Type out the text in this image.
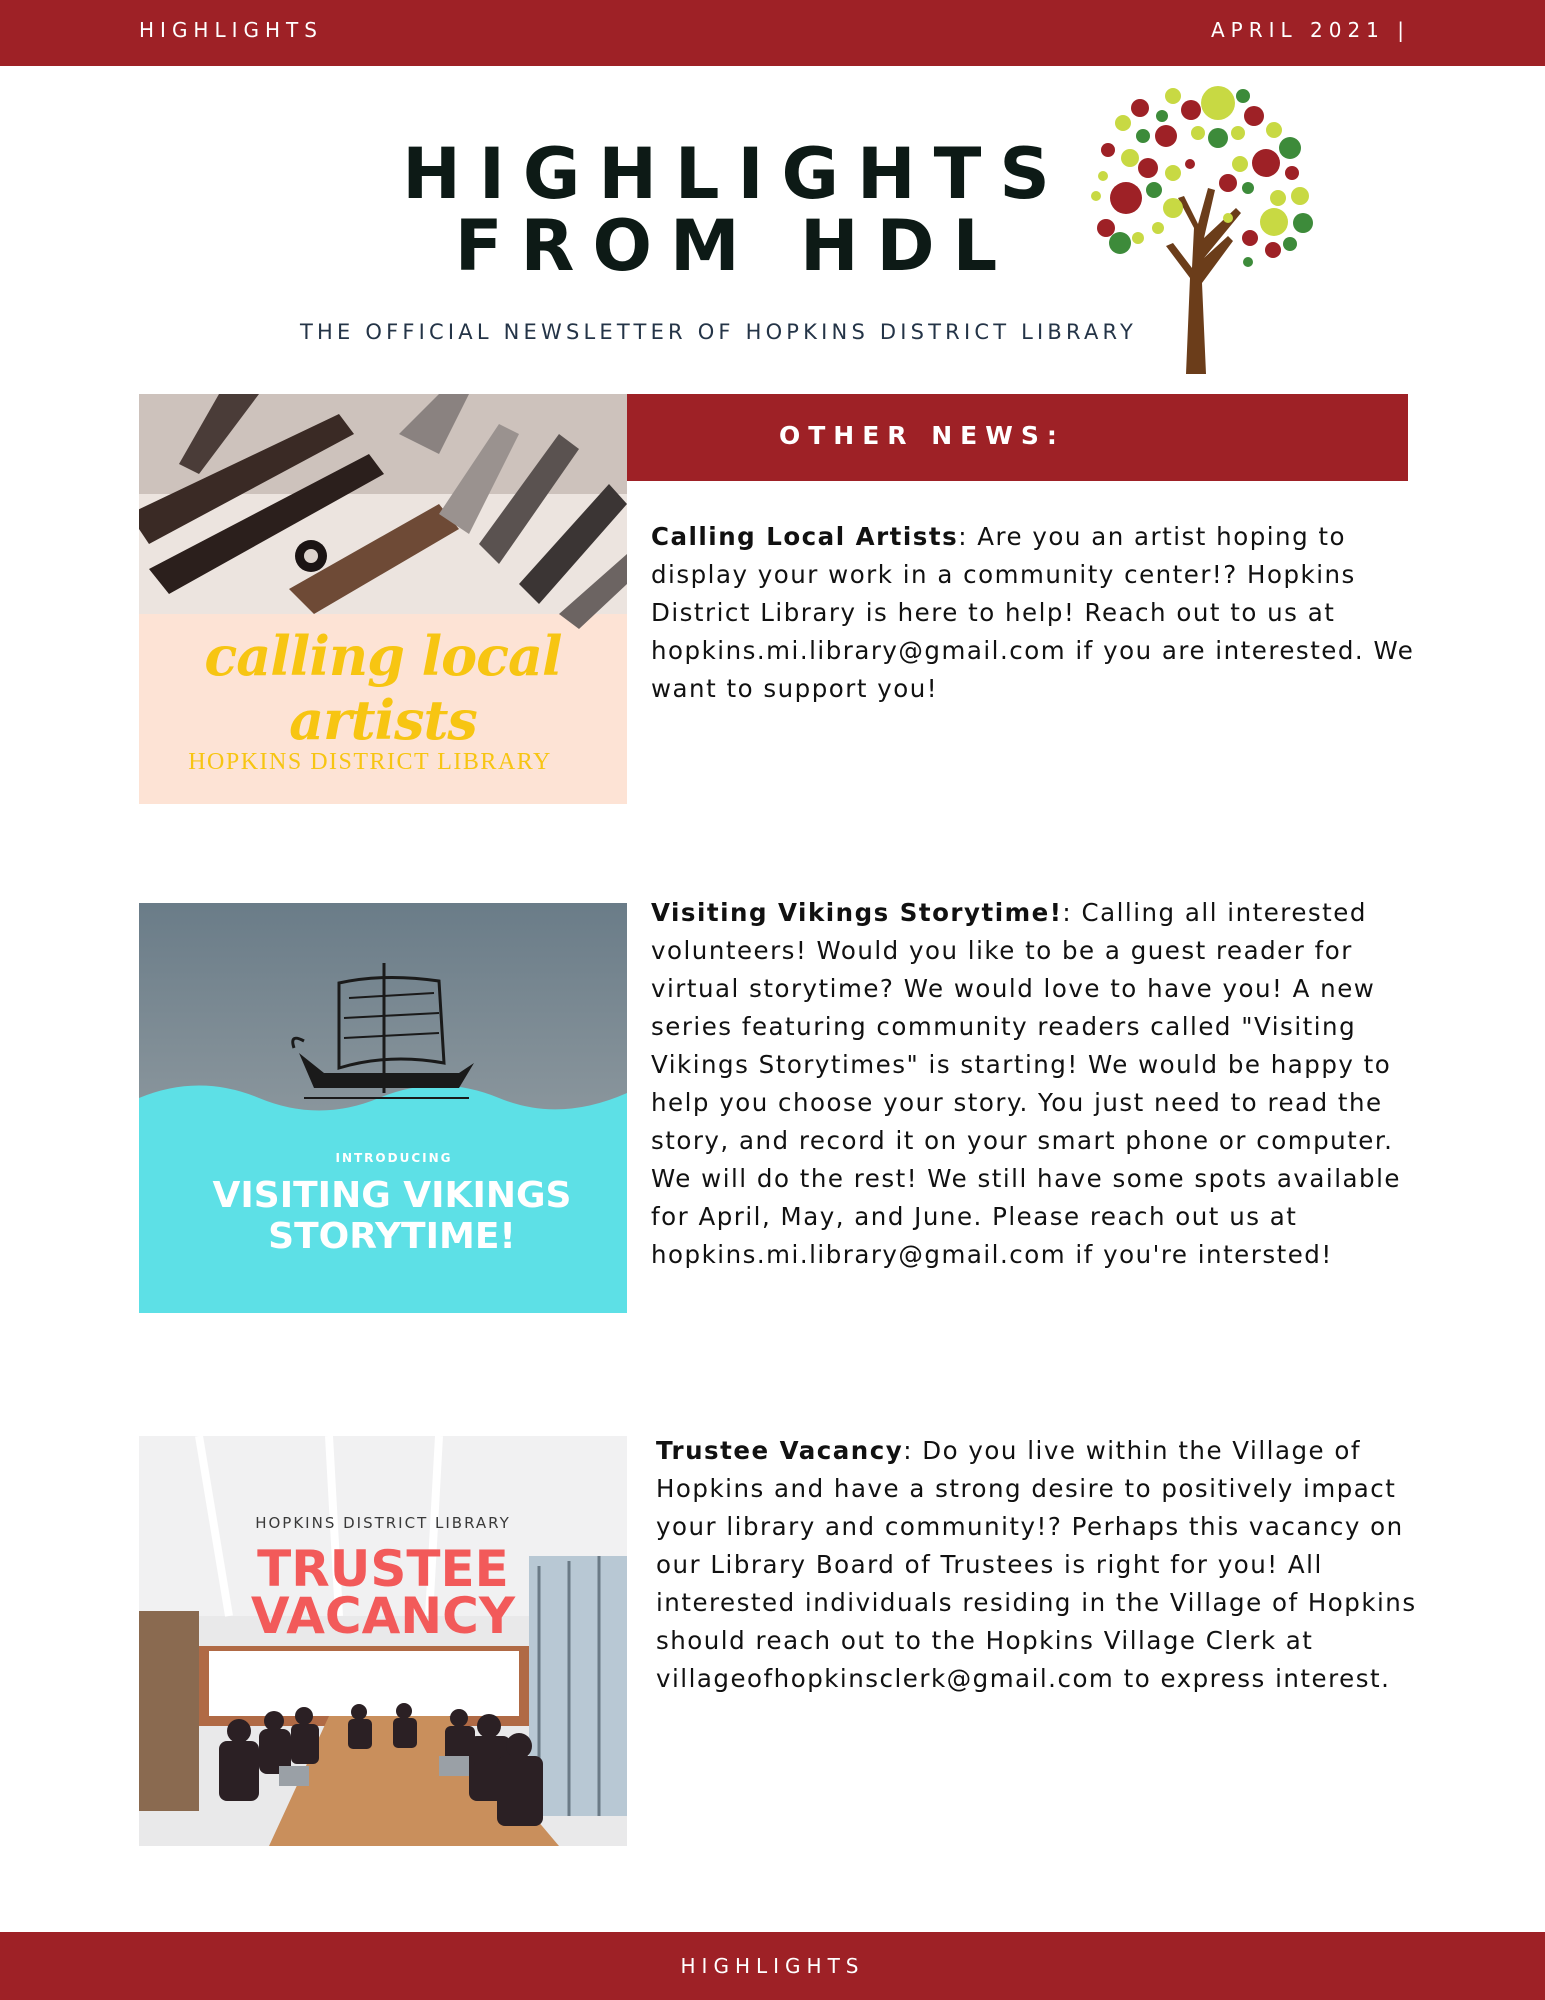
HIGHLIGHTS	APRIL 2021 |
HIGHLIGHTS
FROM HDL
THE OFFICIAL NEWSLETTER OF HOPKINS DISTRICT LIBRARY
OTHER NEWS:
calling local artists
HOPKINS DISTRICT LIBRARY
Calling Local Artists: Are you an artist hoping to display your work in a community center!? Hopkins District Library is here to help! Reach out to us at hopkins.mi.library@gmail.com if you are interested. We want to support you!
INTRODUCING
VISITING VIKINGS
STORYTIME!
Visiting Vikings Storytime!: Calling all interested volunteers! Would you like to be a guest reader for virtual storytime? We would love to have you! A new series featuring community readers called "Visiting Vikings Storytimes" is starting! We would be happy to help you choose your story. You just need to read the story, and record it on your smart phone or computer. We will do the rest! We still have some spots available for April, May, and June. Please reach out us at hopkins.mi.library@gmail.com if you're intersted!
HOPKINS DISTRICT LIBRARY
TRUSTEE
VACANCY
Trustee Vacancy: Do you live within the Village of Hopkins and have a strong desire to positively impact your library and community!? Perhaps this vacancy on our Library Board of Trustees is right for you! All interested individuals residing in the Village of Hopkins should reach out to the Hopkins Village Clerk at villageofhopkinsclerk@gmail.com to express interest.
HIGHLIGHTS
